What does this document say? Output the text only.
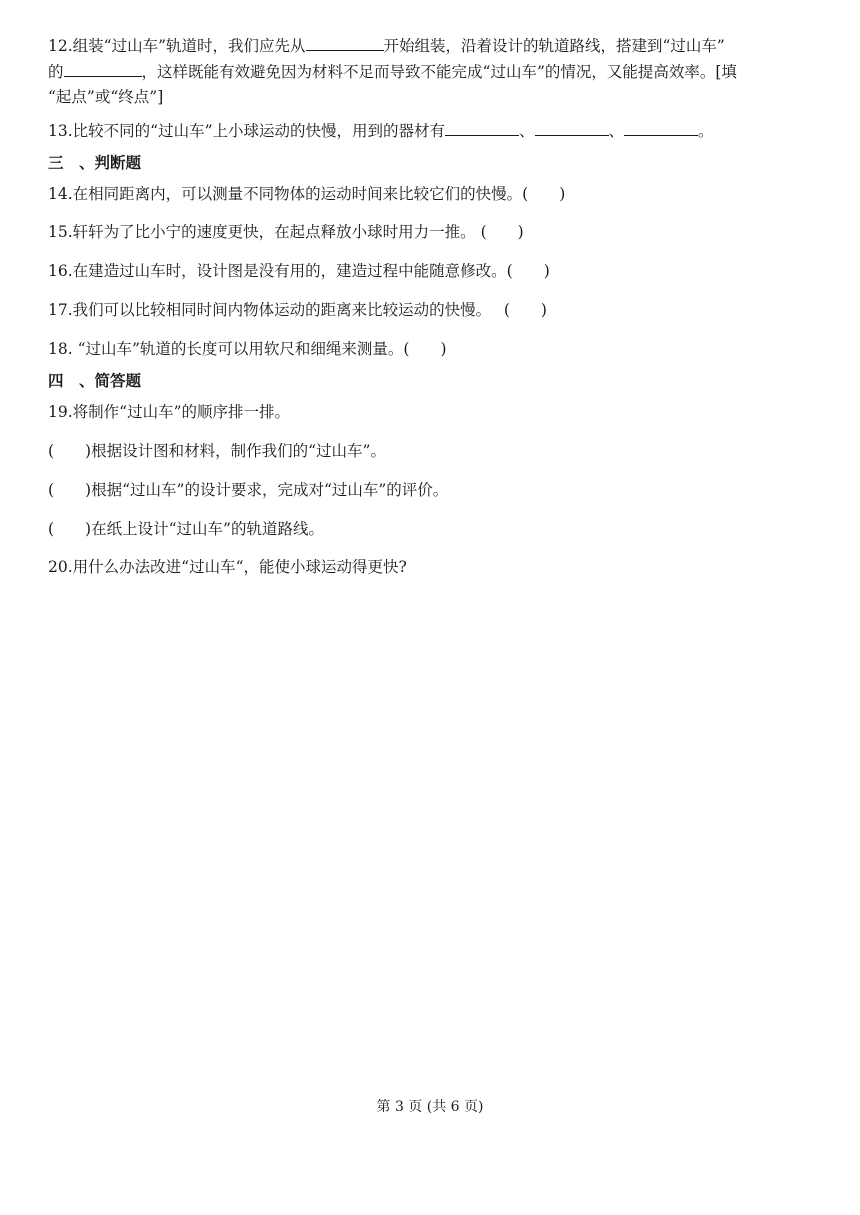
12.组装“过山车”轨道时，我们应先从	开始组装，沿着设计的轨道路线，搭建到“过山车”
的	，这样既能有效避免因为材料不足而导致不能完成“过山车”的情况，又能提高效率。[填
“起点”或“终点”]
13.比较不同的“过山车”上小球运动的快慢，用到的器材有	、	、	。
三　、判断题
14.在相同距离内，可以测量不同物体的运动时间来比较它们的快慢。(　　)
15.轩轩为了比小宁的速度更快，在起点释放小球时用力一推。 (　　)
16.在建造过山车时，设计图是没有用的，建造过程中能随意修改。(　　)
17.我们可以比较相同时间内物体运动的距离来比较运动的快慢。　 (　　)
18. “过山车”轨道的长度可以用软尺和细绳来测量。(　　)
四　、简答题
19.将制作“过山车”的顺序排一排。
(　　)根据设计图和材料，制作我们的“过山车”。
(　　)根据“过山车”的设计要求，完成对“过山车”的评价。
(　　)在纸上设计“过山车”的轨道路线。
20.用什么办法改进“过山车“，能使小球运动得更快?
第 3 页 (共 6 页)
